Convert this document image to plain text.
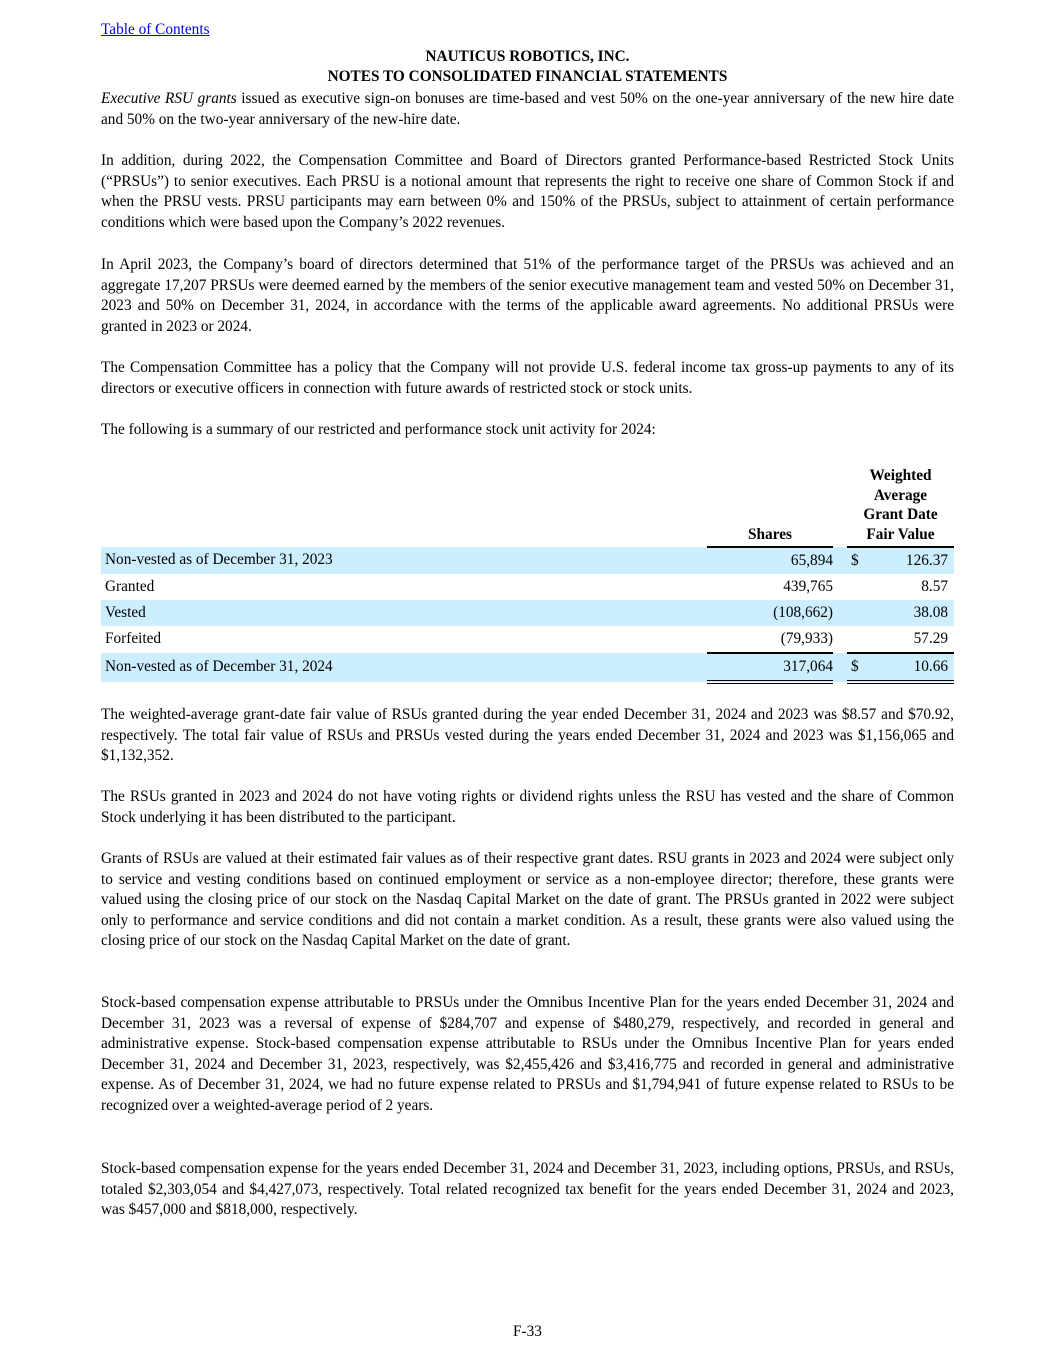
Table of Contents
NAUTICUS ROBOTICS, INC.
NOTES TO CONSOLIDATED FINANCIAL STATEMENTS

Executive RSU grants issued as executive sign-on bonuses are time-based and vest 50% on the one-year anniversary of the new hire date and 50% on the two-year anniversary of the new-hire date.

In addition, during 2022, the Compensation Committee and Board of Directors granted Performance-based Restricted Stock Units (“PRSUs”) to senior executives. Each PRSU is a notional amount that represents the right to receive one share of Common Stock if and when the PRSU vests. PRSU participants may earn between 0% and 150% of the PRSUs, subject to attainment of certain performance conditions which were based upon the Company’s 2022 revenues.

In April 2023, the Company’s board of directors determined that 51% of the performance target of the PRSUs was achieved and an aggregate 17,207 PRSUs were deemed earned by the members of the senior executive management team and vested 50% on December 31, 2023 and 50% on December 31, 2024, in accordance with the terms of the applicable award agreements. No additional PRSUs were granted in 2023 or 2024.

The Compensation Committee has a policy that the Company will not provide U.S. federal income tax gross-up payments to any of its directors or executive officers in connection with future awards of restricted stock or stock units.

The following is a summary of our restricted and performance stock unit activity for 2024:

	Shares		Weighted
Average
Grant Date
Fair Value	

Non-vested as of December 31, 2023	65,894		$	126.37
Granted	439,765			8.57
Vested	(108,662)			38.08
Forfeited	(79,933)			57.29
Non-vested as of December 31, 2024	317,064		$	10.66

The weighted-average grant-date fair value of RSUs granted during the year ended December 31, 2024 and 2023 was $8.57 and $70.92, respectively. The total fair value of RSUs and PRSUs vested during the years ended December 31, 2024 and 2023 was $1,156,065 and $1,132,352.

The RSUs granted in 2023 and 2024 do not have voting rights or dividend rights unless the RSU has vested and the share of Common Stock underlying it has been distributed to the participant.

Grants of RSUs are valued at their estimated fair values as of their respective grant dates. RSU grants in 2023 and 2024 were subject only to service and vesting conditions based on continued employment or service as a non-employee director; therefore, these grants were valued using the closing price of our stock on the Nasdaq Capital Market on the date of grant. The PRSUs granted in 2022 were subject only to performance and service conditions and did not contain a market condition. As a result, these grants were also valued using the closing price of our stock on the Nasdaq Capital Market on the date of grant.

Stock-based compensation expense attributable to PRSUs under the Omnibus Incentive Plan for the years ended December 31, 2024 and December 31, 2023 was a reversal of expense of $284,707 and expense of $480,279, respectively, and recorded in general and administrative expense. Stock-based compensation expense attributable to RSUs under the Omnibus Incentive Plan for years ended December 31, 2024 and December 31, 2023, respectively, was $2,455,426 and $3,416,775 and recorded in general and administrative expense. As of December 31, 2024, we had no future expense related to PRSUs and $1,794,941 of future expense related to RSUs to be recognized over a weighted-average period of 2 years.

Stock-based compensation expense for the years ended December 31, 2024 and December 31, 2023, including options, PRSUs, and RSUs, totaled $2,303,054 and $4,427,073, respectively. Total related recognized tax benefit for the years ended December 31, 2024 and 2023, was $457,000 and $818,000, respectively.

F-33
